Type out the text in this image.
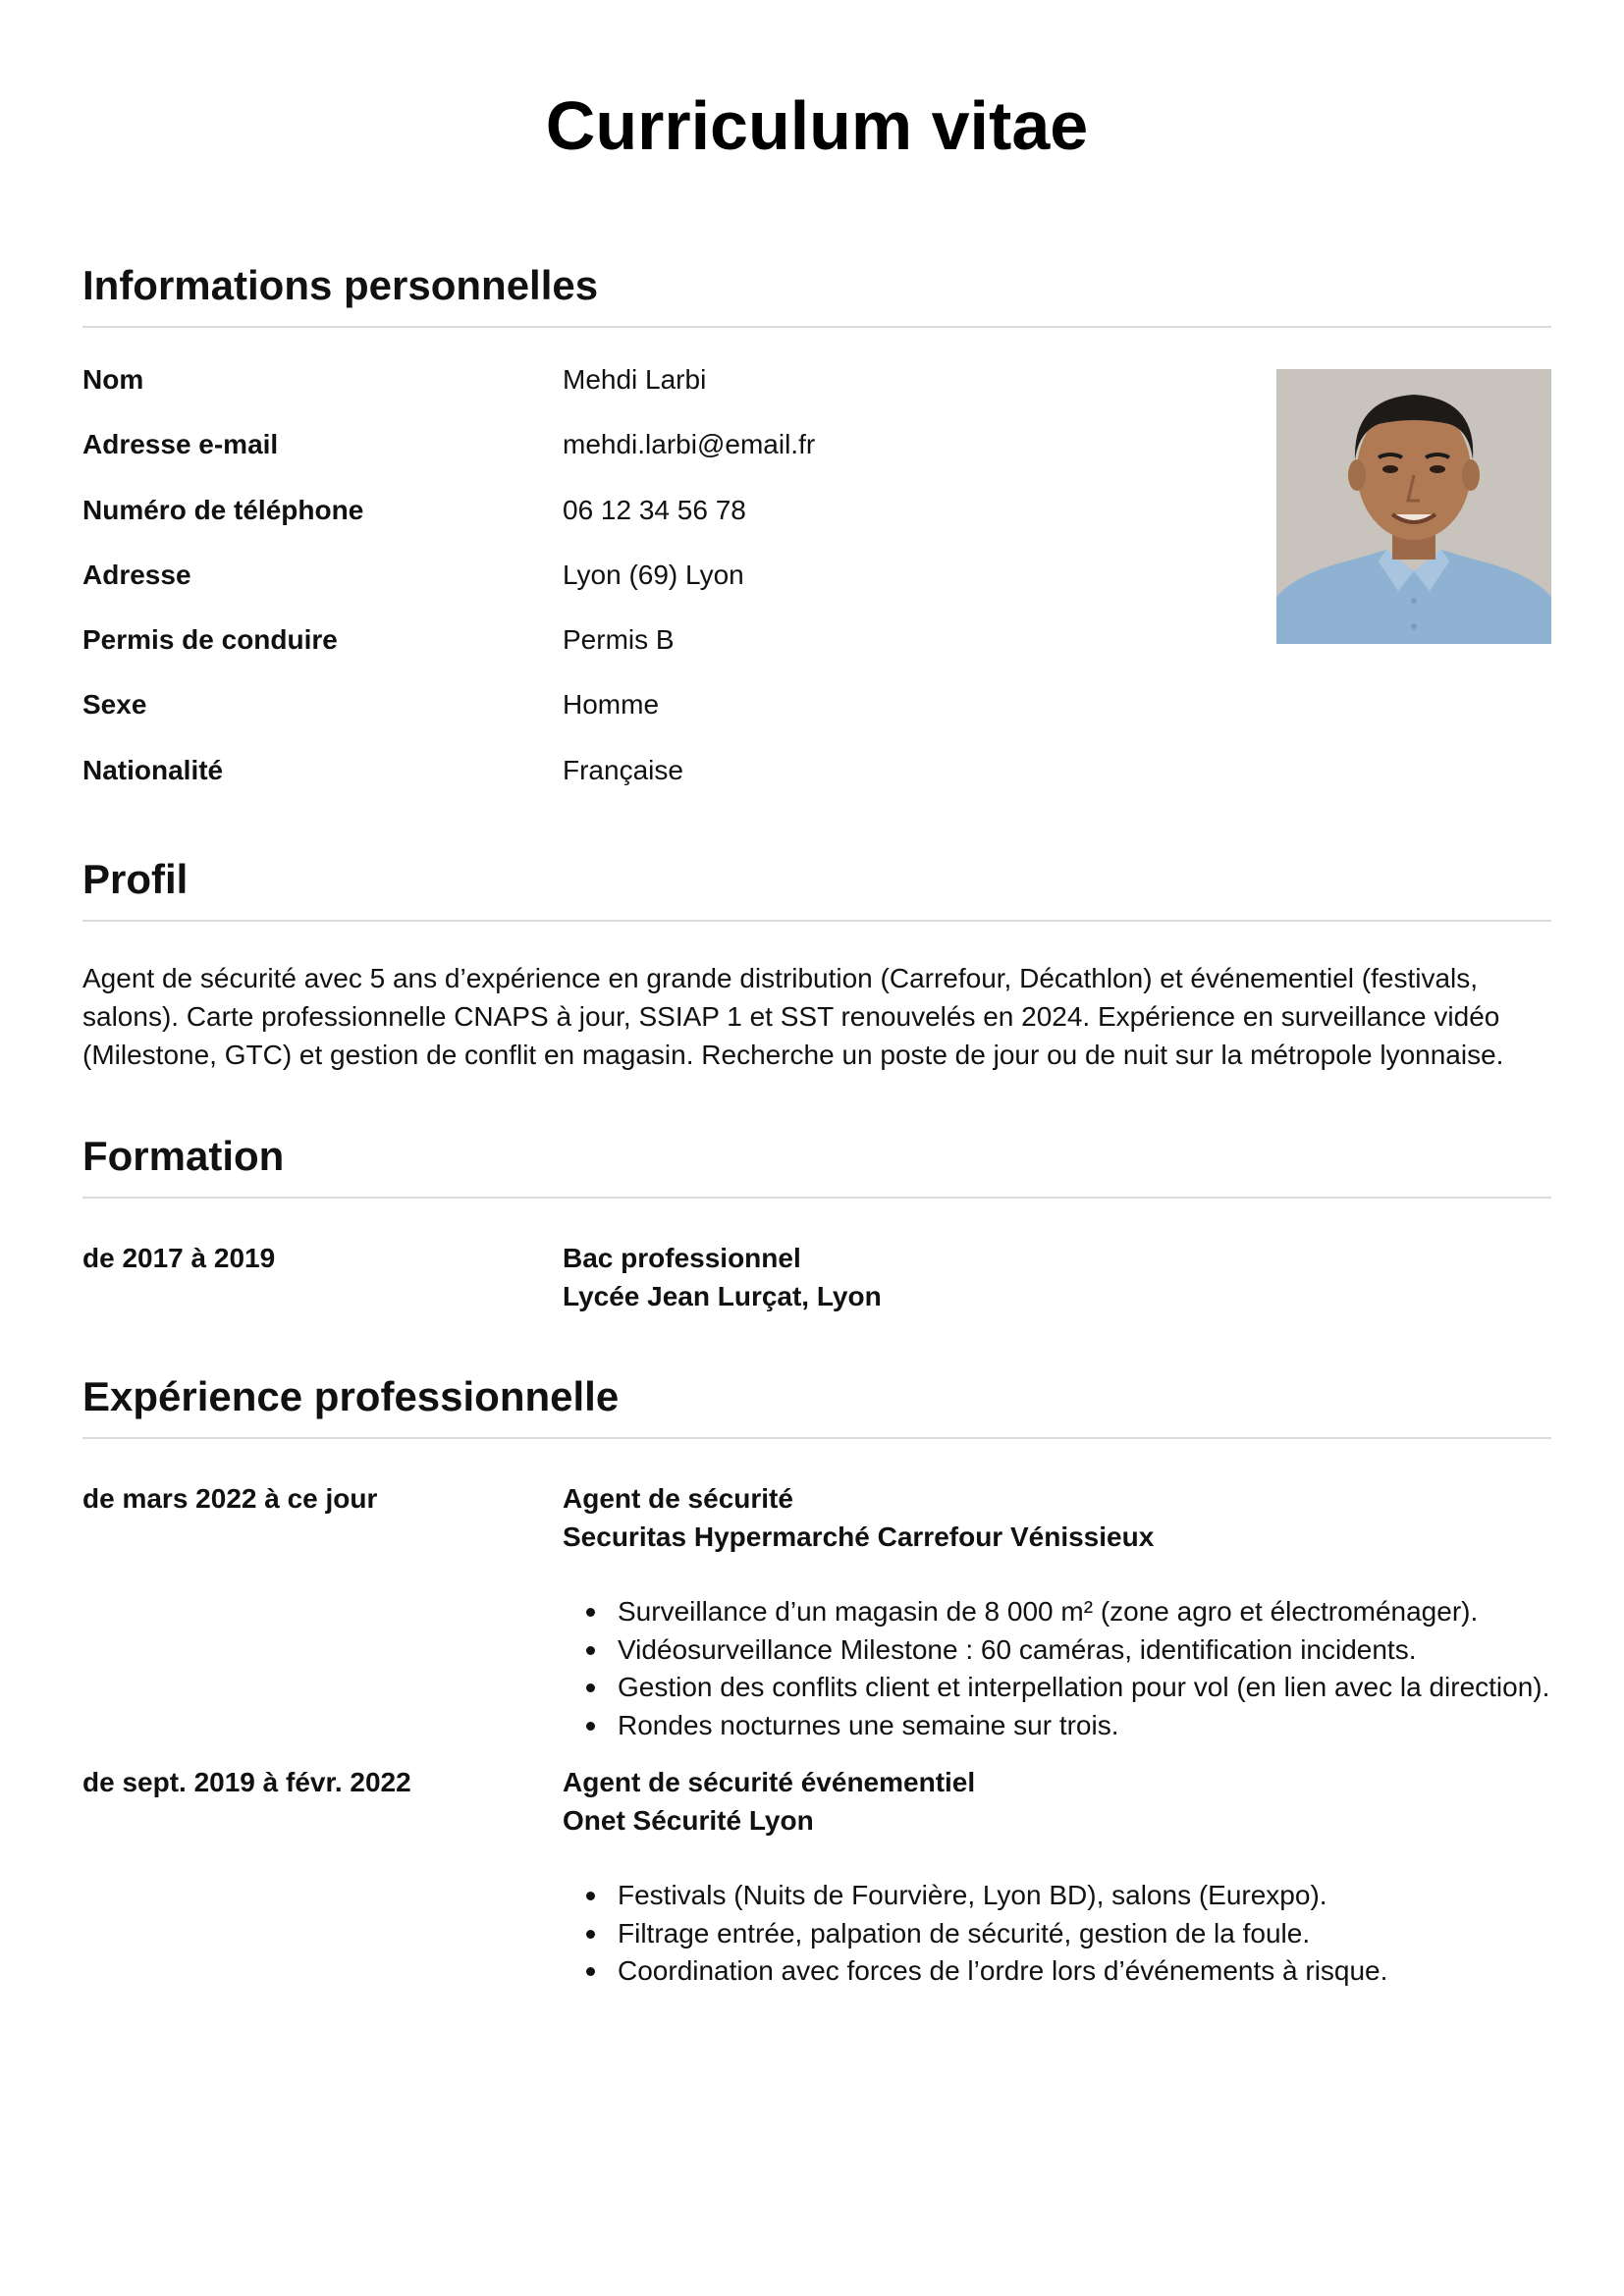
Curriculum vitae
Informations personnelles
Nom	Mehdi Larbi
Adresse e-mail	mehdi.larbi@email.fr
Numéro de téléphone	06 12 34 56 78
Adresse	Lyon (69) Lyon
Permis de conduire	Permis B
Sexe	Homme
Nationalité	Française
Profil

Agent de sécurité avec 5 ans d’expérience en grande distribution (Carrefour, Décathlon) et événementiel (festivals, salons). Carte professionnelle CNAPS à jour, SSIAP 1 et SST renouvelés en 2024. Expérience en surveillance vidéo (Milestone, GTC) et gestion de conflit en magasin. Recherche un poste de jour ou de nuit sur la métropole lyonnaise.

Formation
de 2017 à 2019	Bac professionnel
Lycée Jean Lurçat, Lyon
Expérience professionnelle
de mars 2022 à ce jour	Agent de sécurité
Securitas Hypermarché Carrefour Vénissieux
Surveillance d’un magasin de 8 000 m² (zone agro et électroménager).
Vidéosurveillance Milestone : 60 caméras, identification incidents.
Gestion des conflits client et interpellation pour vol (en lien avec la direction).
Rondes nocturnes une semaine sur trois.
de sept. 2019 à févr. 2022	Agent de sécurité événementiel
Onet Sécurité Lyon
Festivals (Nuits de Fourvière, Lyon BD), salons (Eurexpo).
Filtrage entrée, palpation de sécurité, gestion de la foule.
Coordination avec forces de l’ordre lors d’événements à risque.
